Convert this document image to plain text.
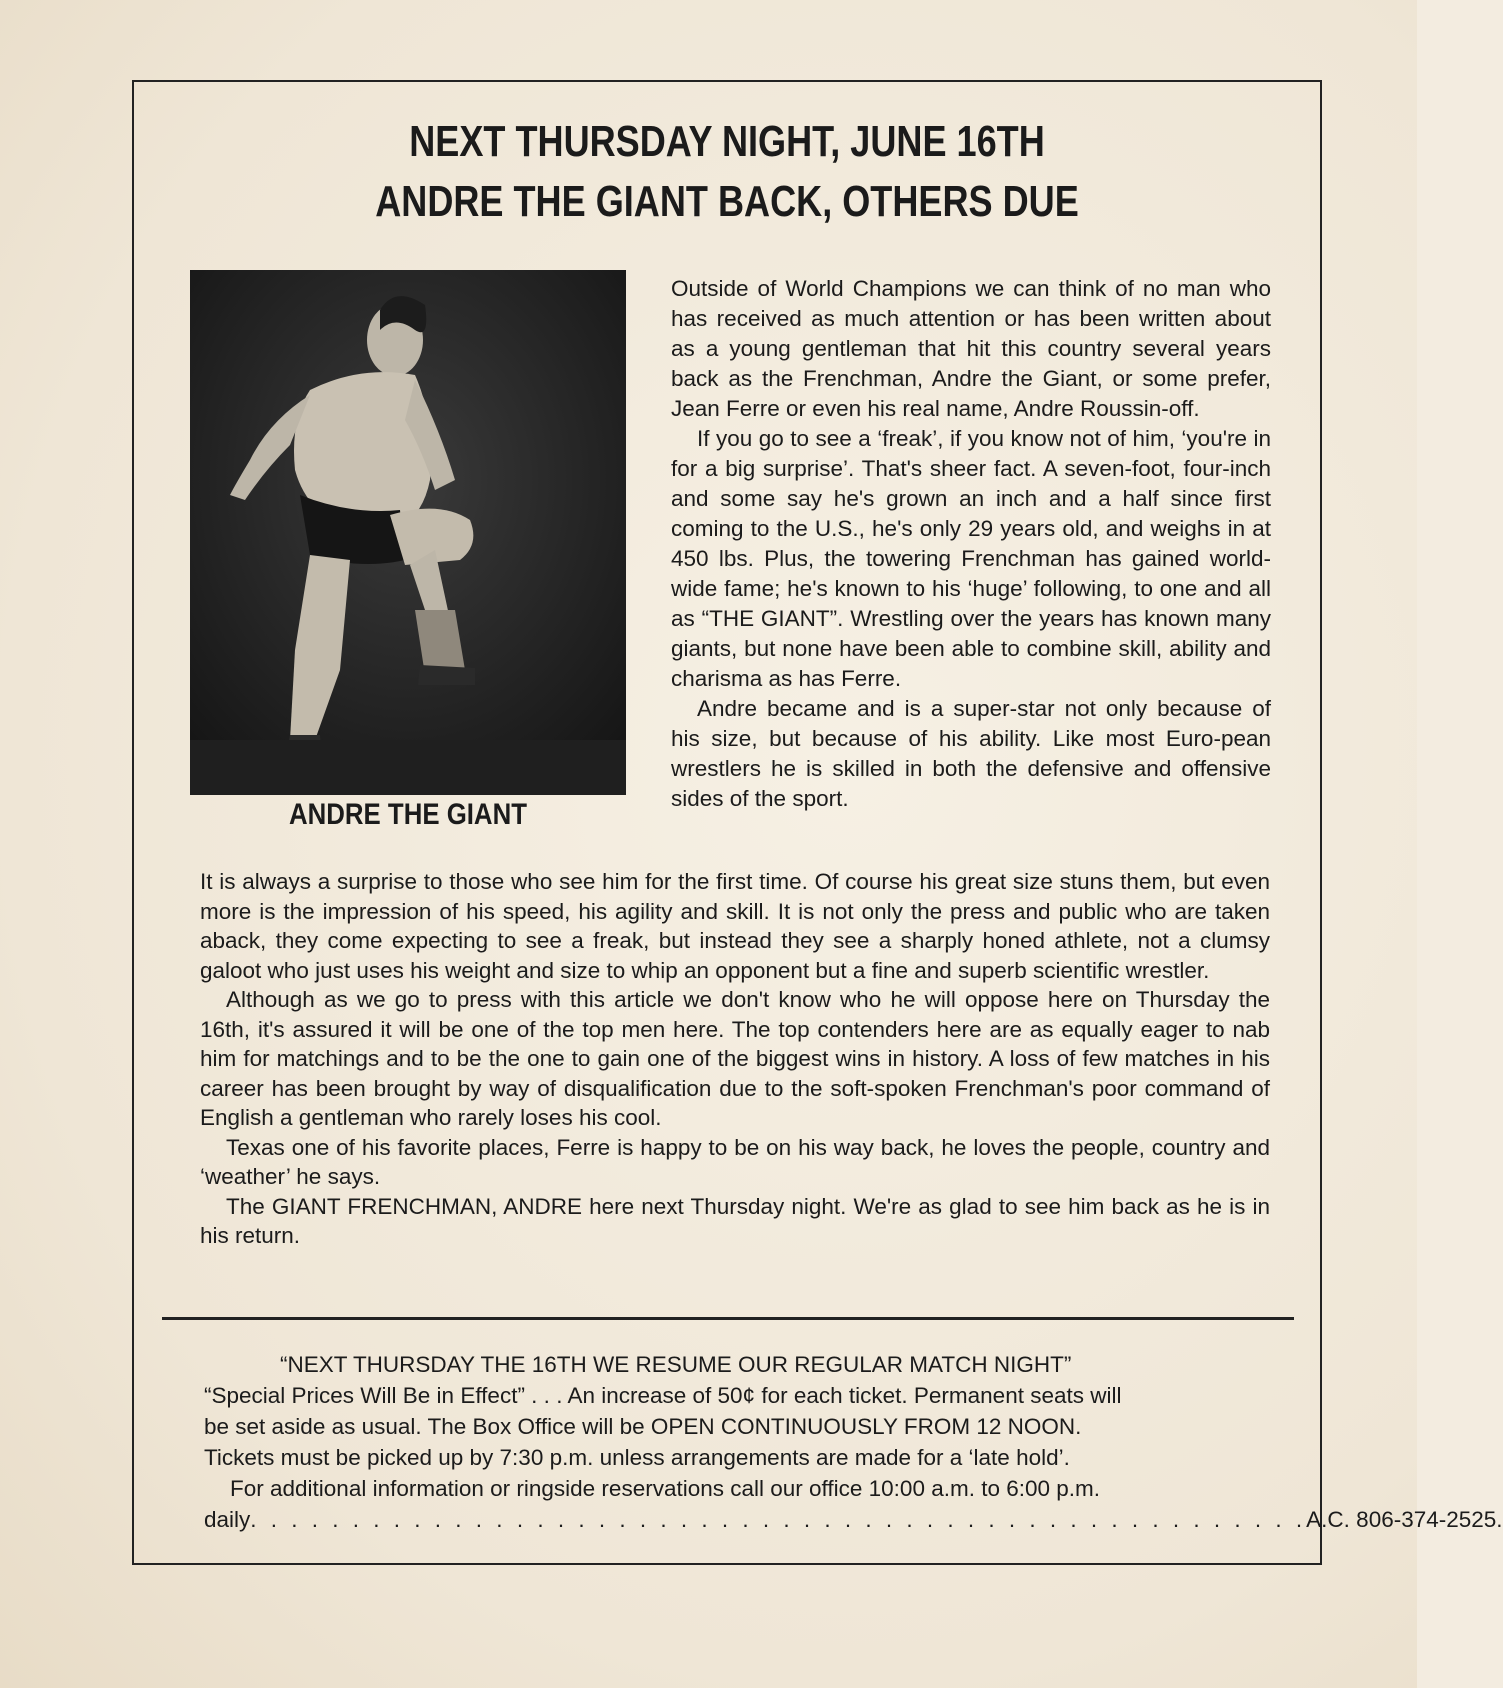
NEXT THURSDAY NIGHT, JUNE 16TH
ANDRE THE GIANT BACK, OTHERS DUE
ANDRE THE GIANT

Outside of World Champions we can think of no man who has received as much attention or has been written about as a young gentleman that hit this country several years back as the Frenchman, Andre the Giant, or some prefer, Jean Ferre or even his real name, Andre Roussin-off.

If you go to see a ‘freak’, if you know not of him, ‘you're in for a big surprise’. That's sheer fact. A seven-foot, four-inch and some say he's grown an inch and a half since first coming to the U.S., he's only 29 years old, and weighs in at 450 lbs. Plus, the towering Frenchman has gained world-wide fame; he's known to his ‘huge’ following, to one and all as “THE GIANT”. Wrestling over the years has known many giants, but none have been able to combine skill, ability and charisma as has Ferre.

Andre became and is a super-star not only because of his size, but because of his ability. Like most Euro-pean wrestlers he is skilled in both the defensive and offensive sides of the sport.

It is always a surprise to those who see him for the first time. Of course his great size stuns them, but even more is the impression of his speed, his agility and skill. It is not only the press and public who are taken aback, they come expecting to see a freak, but instead they see a sharply honed athlete, not a clumsy galoot who just uses his weight and size to whip an opponent but a fine and superb scientific wrestler.

Although as we go to press with this article we don't know who he will oppose here on Thursday the 16th, it's assured it will be one of the top men here. The top contenders here are as equally eager to nab him for matchings and to be the one to gain one of the biggest wins in history. A loss of few matches in his career has been brought by way of disqualification due to the soft-spoken Frenchman's poor command of English a gentleman who rarely loses his cool.

Texas one of his favorite places, Ferre is happy to be on his way back, he loves the people, country and ‘weather’ he says.

The GIANT FRENCHMAN, ANDRE here next Thursday night. We're as glad to see him back as he is in his return.

“NEXT THURSDAY THE 16TH WE RESUME OUR REGULAR MATCH NIGHT”

“Special Prices Will Be in Effect” . . . An increase of 50¢ for each ticket. Permanent seats will be set aside as usual. The Box Office will be OPEN CONTINUOUSLY FROM 12 NOON. Tickets must be picked up by 7:30 p.m. unless arrangements are made for a ‘late hold’.

For additional information or ringside reservations call our office 10:00 a.m. to 6:00 p.m.

daily . . . . . . . . . . . . . . . . . . . . . . . . . . . . . . . . . . . . . . . . . . . . . . . . . . . . A.C. 806-374-2525.
